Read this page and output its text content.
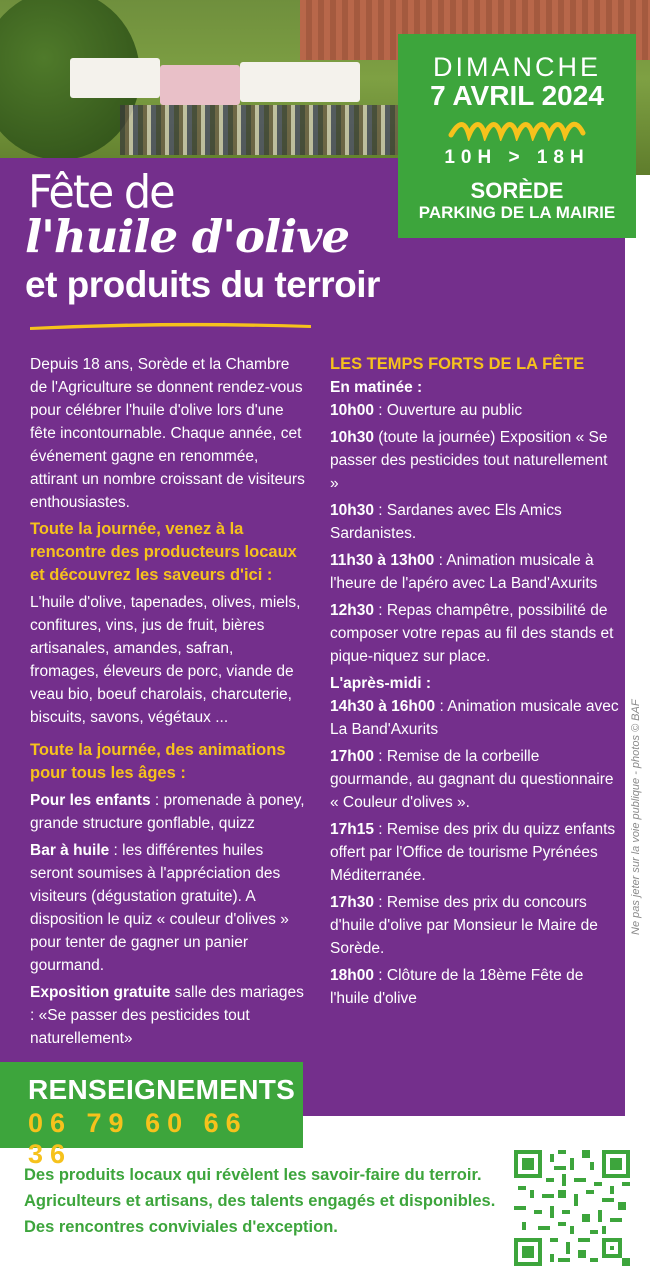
Fête de
l'huile d'olive
et produits du terroir
DIMANCHE
7 AVRIL 2024
10H > 18H
SORÈDE
PARKING DE LA MAIRIE

Depuis 18 ans, Sorède et la Chambre de l'Agriculture se donnent rendez-vous pour célébrer l'huile d'olive lors d'une fête incontournable. Chaque année, cet événement gagne en renommée, attirant un nombre croissant de visiteurs enthousiastes.

Toute la journée, venez à la rencontre des producteurs locaux et découvrez les saveurs d'ici :

L'huile d'olive, tapenades, olives, miels, confitures, vins, jus de fruit, bières artisanales, amandes, safran, fromages, éleveurs de porc, viande de veau bio, boeuf charolais, charcuterie, biscuits, savons, végétaux ...

Toute la journée, des animations pour tous les âges :

Pour les enfants : promenade à poney, grande structure gonflable, quizz

Bar à huile : les différentes huiles seront soumises à l'appréciation des visiteurs (dégustation gratuite). A disposition le quiz « couleur d'olives » pour tenter de gagner un panier gourmand.

Exposition gratuite salle des mariages : «Se passer des pesticides tout naturellement»

LES TEMPS FORTS DE LA FÊTE
En matinée :

10h00 : Ouverture au public

10h30 (toute la journée) Exposition « Se passer des pesticides tout naturellement »

10h30 : Sardanes avec Els Amics Sardanistes.

11h30 à 13h00 : Animation musicale à l'heure de l'apéro avec La Band'Axurits

12h30 : Repas champêtre, possibilité de composer votre repas au fil des stands et pique-niquez sur place.

L'après-midi :

14h30 à 16h00 : Animation musicale avec La Band'Axurits

17h00 : Remise de la corbeille gourmande, au gagnant du questionnaire « Couleur d'olives ».

17h15 : Remise des prix du quizz enfants offert par l'Office de tourisme Pyrénées Méditerranée.

17h30 : Remise des prix du concours d'huile d'olive par Monsieur le Maire de Sorède.

18h00 : Clôture de la 18ème Fête de l'huile d'olive

Ne pas jeter sur la voie publique - photos © BAF
RENSEIGNEMENTS
06 79 60 66 36
Des produits locaux qui révèlent les savoir-faire du terroir.
Agriculteurs et artisans, des talents engagés et disponibles.
Des rencontres conviviales d'exception.
